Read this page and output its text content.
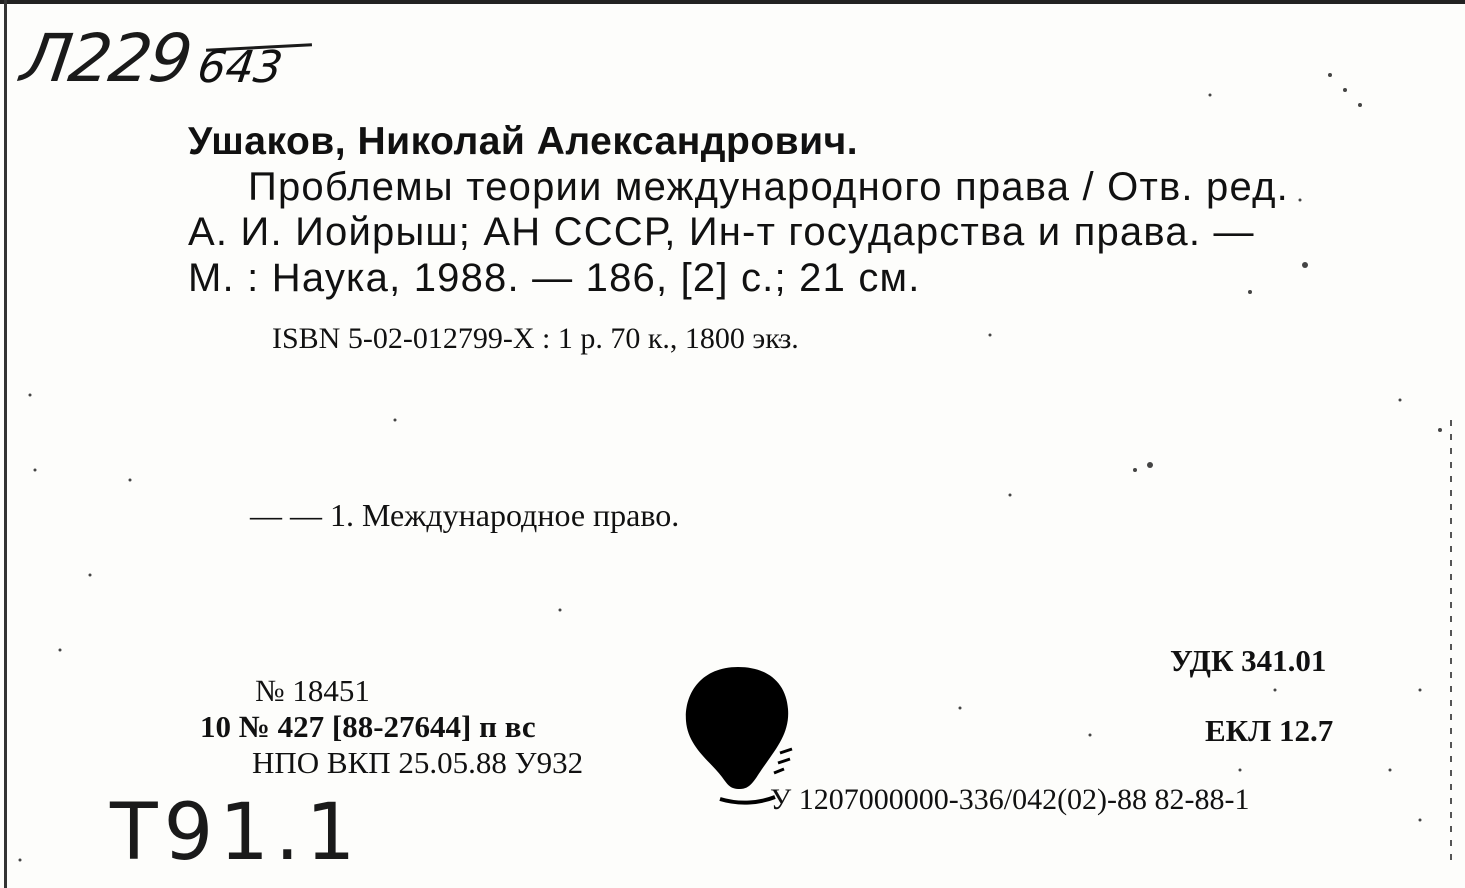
Л229 643
Ушаков, Николай Александрович.
Проблемы теории международного права / Отв. ред.
А. И. Иойрыш; АН СССР, Ин-т государства и права. —
М. : Наука, 1988. — 186, [2] с.; 21 см.
ISBN 5-02-012799-X : 1 р. 70 к., 1800 экз.
— — 1. Международное право.
№ 18451
10 № 427 [88-27644] п вс
НПО ВКП 25.05.88 У932
УДК 341.01
ЕКЛ 12.7
У 1207000000-336/042(02)-88 82-88-1
Т91.1
